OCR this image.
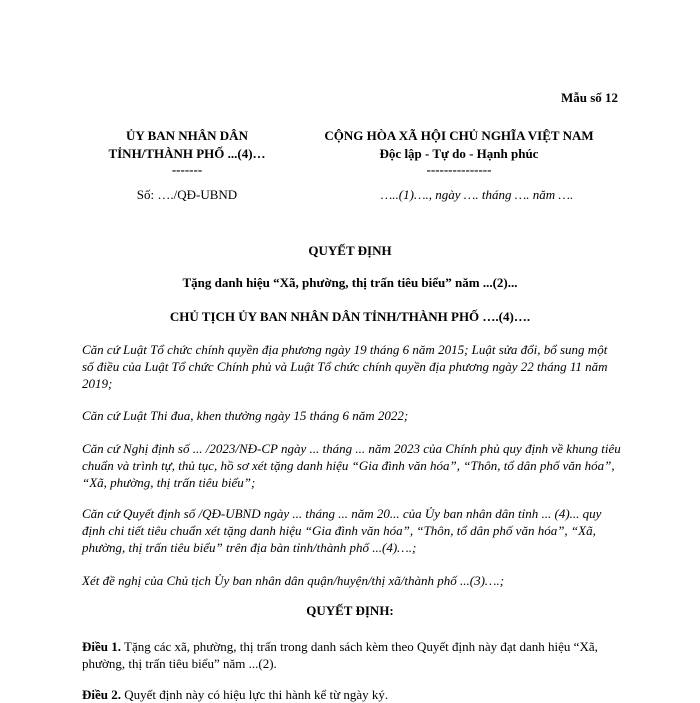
Mẫu số 12
ỦY BAN NHÂN DÂN
TỈNH/THÀNH PHỐ ...(4)…
-------
Số: …./QĐ-UBND
CỘNG HÒA XÃ HỘI CHỦ NGHĨA VIỆT NAM
Độc lập - Tự do - Hạnh phúc
---------------
…..(1)…., ngày …. tháng …. năm ….
QUYẾT ĐỊNH
Tặng danh hiệu “Xã, phường, thị trấn tiêu biểu” năm ...(2)...
CHỦ TỊCH ỦY BAN NHÂN DÂN TỈNH/THÀNH PHỐ ….(4)….
Căn cứ Luật Tổ chức chính quyền địa phương ngày 19 tháng 6 năm 2015; Luật sửa đổi, bổ sung một số điều của Luật Tổ chức Chính phủ và Luật Tổ chức chính quyền địa phương ngày 22 tháng 11 năm 2019;
Căn cứ Luật Thi đua, khen thưởng ngày 15 tháng 6 năm 2022;
Căn cứ Nghị định số ... /2023/NĐ-CP ngày ... tháng ... năm 2023 của Chính phủ quy định về khung tiêu chuẩn và trình tự, thủ tục, hồ sơ xét tặng danh hiệu “Gia đình văn hóa”, “Thôn, tổ dân phố văn hóa”, “Xã, phường, thị trấn tiêu biểu”;
Căn cứ Quyết định số /QĐ-UBND ngày ... tháng ... năm 20... của Ủy ban nhân dân tỉnh ... (4)... quy định chi tiết tiêu chuẩn xét tặng danh hiệu “Gia đình văn hóa”, “Thôn, tổ dân phố văn hóa”, “Xã, phường, thị trấn tiêu biểu” trên địa bàn tỉnh/thành phố ...(4)….;
Xét đề nghị của Chủ tịch Ủy ban nhân dân quận/huyện/thị xã/thành phố ...(3)….;
QUYẾT ĐỊNH:
Điều 1. Tặng các xã, phường, thị trấn trong danh sách kèm theo Quyết định này đạt danh hiệu “Xã, phường, thị trấn tiêu biểu” năm ...(2).
Điều 2. Quyết định này có hiệu lực thi hành kể từ ngày ký.
